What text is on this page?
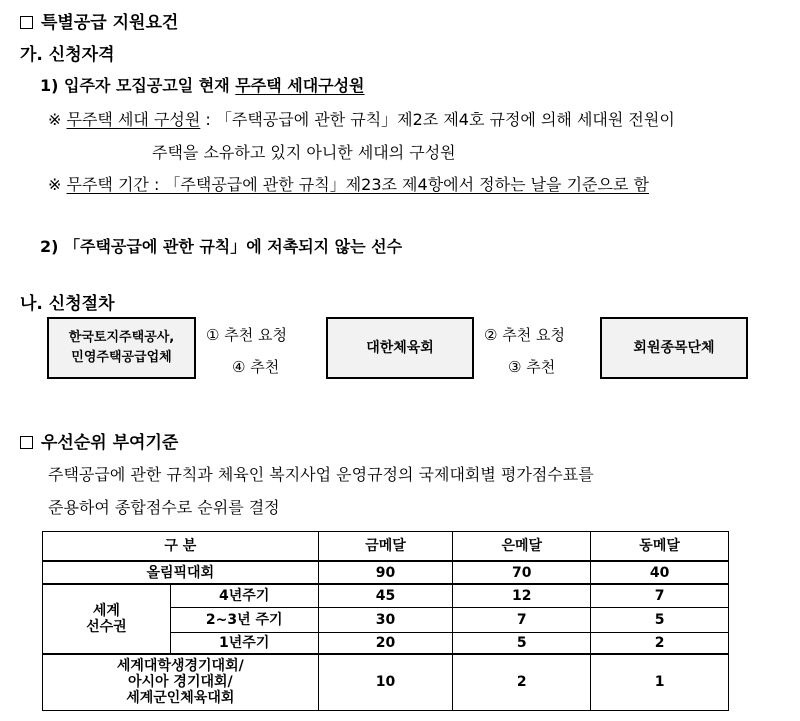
특별공급 지원요건
가. 신청자격
1) 입주자 모집공고일 현재 무주택 세대구성원
※ 무주택 세대 구성원 : 「주택공급에 관한 규칙」제2조 제4호 규정에 의해 세대원 전원이
주택을 소유하고 있지 아니한 세대의 구성원
※ 무주택 기간 : 「주택공급에 관한 규칙」제23조 제4항에서 정하는 날을 기준으로 함
2) 「주택공급에 관한 규칙」에 저촉되지 않는 선수
나. 신청절차
한국토지주택공사,
민영주택공급업체
① 추천 요청
④ 추천
대한체육회
② 추천 요청
③ 추천
회원종목단체
우선순위 부여기준
주택공급에 관한 규칙과 체육인 복지사업 운영규정의 국제대회별 평가점수표를
준용하여 종합점수로 순위를 결정
구 분		금메달	은메달	동메달
올림픽대회		90	70	40

세계
선수권	4년주기	45	12	7
	2~3년 주기	30	7	5
	1년주기	20	5	2

세계대학생경기대회/
아시아 경기대회/
세계군인체육대회		10	2	1
